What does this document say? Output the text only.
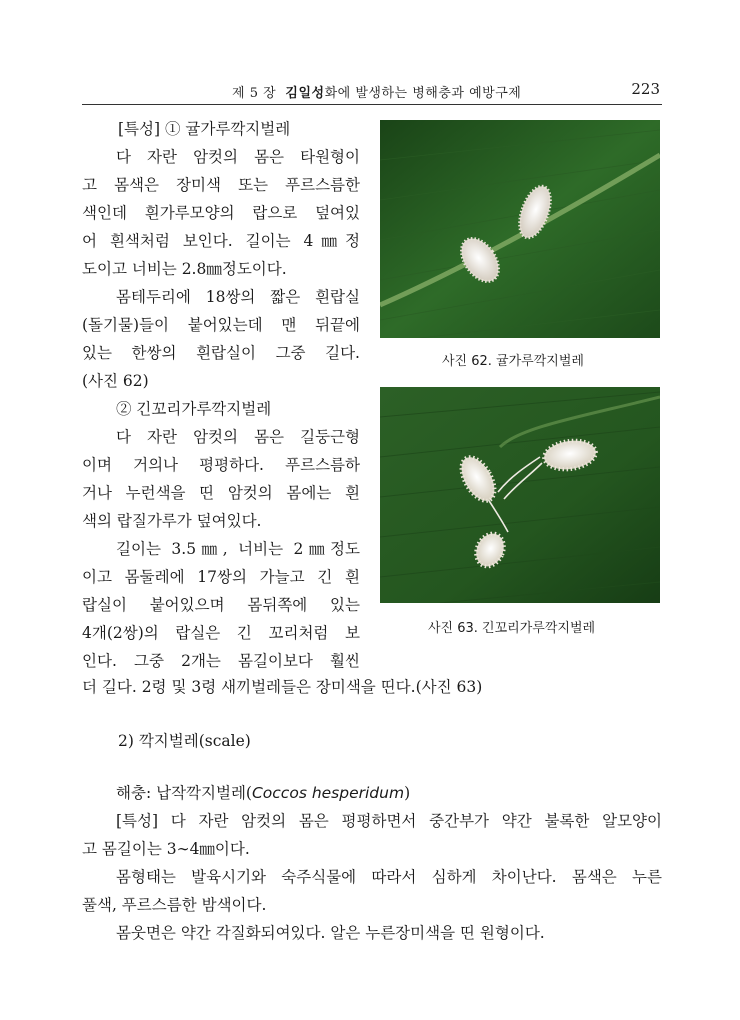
제 5 장 김일성화에 발생하는 병해충과 예방구제	223
[특성] ① 귤가루깍지벌레
다 자란 암컷의 몸은 타원형이
고 몸색은 장미색 또는 푸르스름한
색인데 흰가루모양의 랍으로 덮여있
어 흰색처럼 보인다. 길이는 4㎜정
도이고 너비는 2.8㎜정도이다.
몸테두리에 18쌍의 짧은 흰랍실
(돌기물)들이 붙어있는데 맨 뒤끝에
있는 한쌍의 흰랍실이 그중 길다.
(사진 62)
② 긴꼬리가루깍지벌레
다 자란 암컷의 몸은 길둥근형
이며 거의나 평평하다. 푸르스름하
거나 누런색을 띤 암컷의 몸에는 흰
색의 랍질가루가 덮여있다.
길이는 3.5㎜, 너비는 2㎜정도
이고 몸둘레에 17쌍의 가늘고 긴 흰
랍실이 붙어있으며 몸뒤쪽에 있는
4개(2쌍)의 랍실은 긴 꼬리처럼 보
인다. 그중 2개는 몸길이보다 훨씬
더 길다. 2령 및 3령 새끼벌레들은 장미색을 띤다.(사진 63)
사진 62. 귤가루깍지벌레
사진 63. 긴꼬리가루깍지벌레
2) 깍지벌레(scale)
해충: 납작깍지벌레(Coccos hesperidum)
[특성] 다 자란 암컷의 몸은 평평하면서 중간부가 약간 불록한 알모양이
고 몸길이는 3∼4㎜이다.
몸형태는 발육시기와 숙주식물에 따라서 심하게 차이난다. 몸색은 누른
풀색, 푸르스름한 밤색이다.
몸웃면은 약간 각질화되여있다. 알은 누른장미색을 띤 원형이다.
